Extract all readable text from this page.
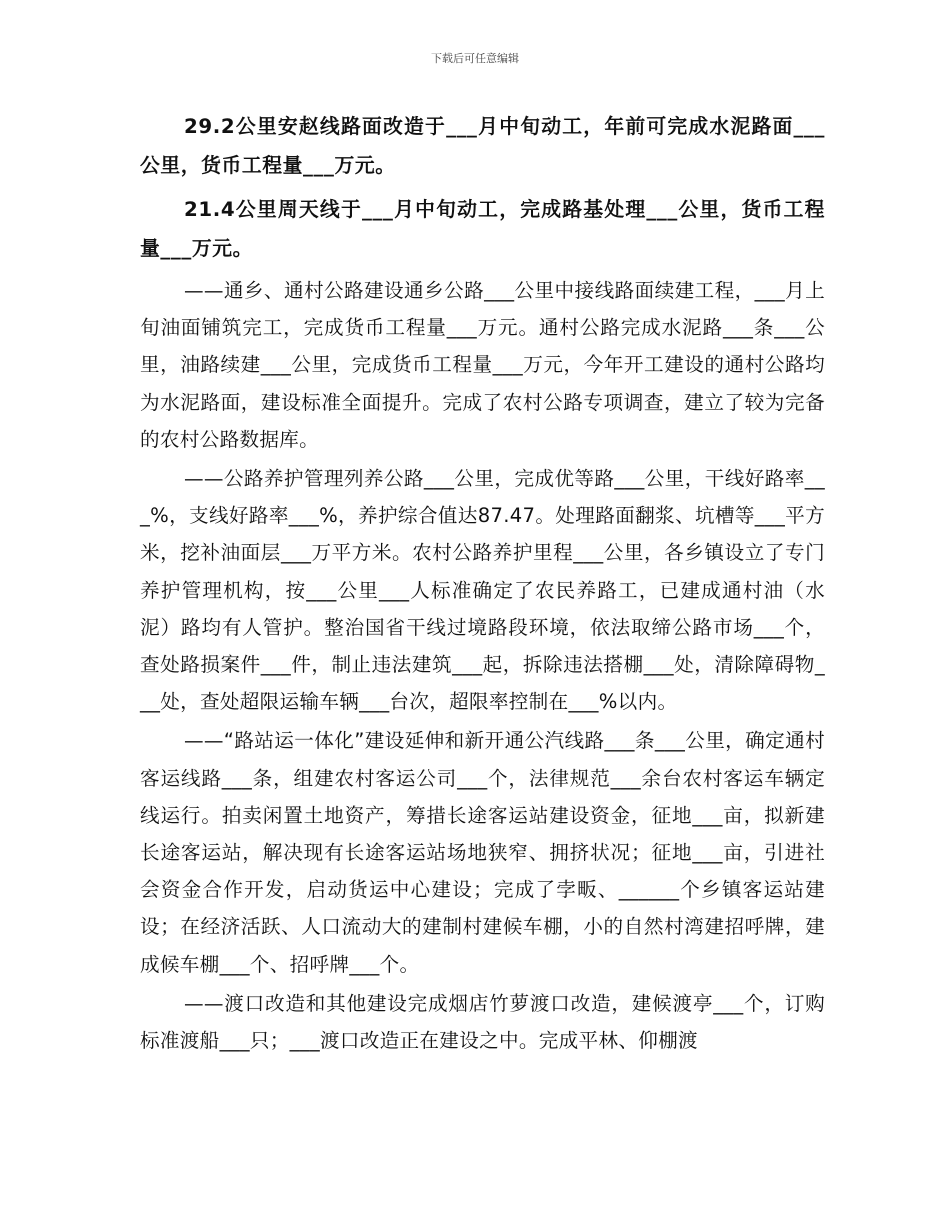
下载后可任意编辑

29.2公里安赵线路面改造于___月中旬动工，年前可完成水泥路面___公里，货币工程量___万元。

21.4公里周天线于___月中旬动工，完成路基处理___公里，货币工程量___万元。

——通乡、通村公路建设通乡公路___公里中接线路面续建工程，___月上旬油面铺筑完工，完成货币工程量___万元。通村公路完成水泥路___条___公里，油路续建___公里，完成货币工程量___万元，今年开工建设的通村公路均为水泥路面，建设标准全面提升。完成了农村公路专项调查，建立了较为完备的农村公路数据库。

——公路养护管理列养公路___公里，完成优等路___公里，干线好路率___%，支线好路率___%，养护综合值达87.47。处理路面翻浆、坑槽等___平方米，挖补油面层___万平方米。农村公路养护里程___公里，各乡镇设立了专门养护管理机构，按___公里___人标准确定了农民养路工，已建成通村油（水泥）路均有人管护。整治国省干线过境路段环境，依法取缔公路市场___个，查处路损案件___件，制止违法建筑___起，拆除违法搭棚___处，清除障碍物___处，查处超限运输车辆___台次，超限率控制在___%以内。

——“路站运一体化”建设延伸和新开通公汽线路___条___公里，确定通村客运线路___条，组建农村客运公司___个，法律规范___余台农村客运车辆定线运行。拍卖闲置土地资产，筹措长途客运站建设资金，征地___亩，拟新建长途客运站，解决现有长途客运站场地狭窄、拥挤状况；征地___亩，引进社会资金合作开发，启动货运中心建设；完成了孛畈、______个乡镇客运站建设；在经济活跃、人口流动大的建制村建候车棚，小的自然村湾建招呼牌，建成候车棚___个、招呼牌___个。

——渡口改造和其他建设完成烟店竹萝渡口改造，建候渡亭___个，订购标准渡船___只；___渡口改造正在建设之中。完成平林、仰棚渡
